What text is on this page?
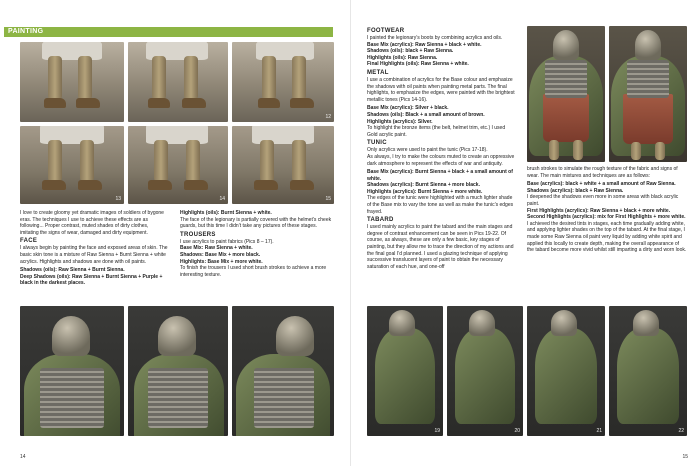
PAINTING
12
13	14	15

I love to create gloomy yet dramatic images of soldiers of bygone eras. The techniques I use to achieve these effects are as following... Proper contrast, muted shades of dirty clothes, imitating the signs of wear, damaged and dirty equipment.

FACE

I always begin by painting the face and exposed areas of skin. The basic skin tone is a mixture of Raw Sienna + Burnt Sienna + white acrylics. Highlights and shadows are done with oil paints.

Shadows (oils): Raw Sienna + Burnt Sienna.
Deep Shadows (oils): Raw Sienna + Burnt Sienna + Purple + black in the darkest places.
Highlights (oils): Burnt Sienna + white.

The face of the legionary is partially covered with the helmet’s cheek guards, but this time I didn’t take any pictures of these stages.

TROUSERS
I use acrylics to paint fabrics (Pics 8 – 17).
Base Mix: Raw Sienna + white.
Shadows: Base Mix + more black.
Highlights: Base Mix + more white.

To finish the trousers I used short brush strokes to achieve a more interesting texture.

14
FOOTWEAR
I painted the legionary’s boots by combining acrylics and oils.
Base Mix (acrylics): Raw Sienna + black + white.
Shadows (oils): black + Raw Sienna.
Highlights (oils): Raw Sienna.
Final Highlights (oils): Raw Sienna + white.
METAL

I use a combination of acrylics for the Base colour and emphasize the shadows with oil paints when painting metal parts. The final highlights, to emphasize the edges, were painted with the brightest metallic tones (Pics 14-16).

Base Mix (acrylics): Silver + black.
Shadows (oils): Black + a small amount of brown.
Highlights (acrylics): Silver.

To highlight the bronze items (the belt, helmet trim, etc.) I used Gold acrylic paint.

TUNIC
Only acrylics were used to paint the tunic (Pics 17-18).

As always, I try to make the colours muted to create an oppressive dark atmosphere to represent the effects of war and antiquity.

Base Mix (acrylics): Burnt Sienna + black + a small amount of white.
Shadows (acrylics): Burnt Sienna + more black.
Highlights (acrylics): Burnt Sienna + more white.

The edges of the tunic were highlighted with a much lighter shade of the Base mix to vary the tone as well as make the tunic’s edges frayed.

TABARD

I used mainly acrylics to paint the tabard and the main stages and degree of contrast enhancement can be seen in Pics 19-22. Of course, as always, these are only a few basic, key stages of painting, but they allow me to trace the direction of my actions and the final goal I’d planned. I used a glazing technique of applying successive translucent layers of paint to obtain the necessary saturation of each hue, and one-off

brush strokes to simulate the rough texture of the fabric and signs of wear. The main mixtures and techniques are as follows:

Base (acrylics): black + white + a small amount of Raw Sienna.
Shadows (acrylics): black + Raw Sienna.
I deepened the shadows even more in some areas with black acrylic paint.
First Highlights (acrylics): Raw Sienna + black + more white.
Second Highlights (acrylics): mix for First Highlights + more white.

I achieved the desired tints in stages, each time gradually adding white, and applying lighter shades on the top of the tabard. At the final stage, I made some Raw Sienna oil paint very liquid by adding white spirit and applied this locally to create depth, making the overall appearance of the tabard become more vivid whilst still imparting a dirty and worn look.

19	20	21	22
15
